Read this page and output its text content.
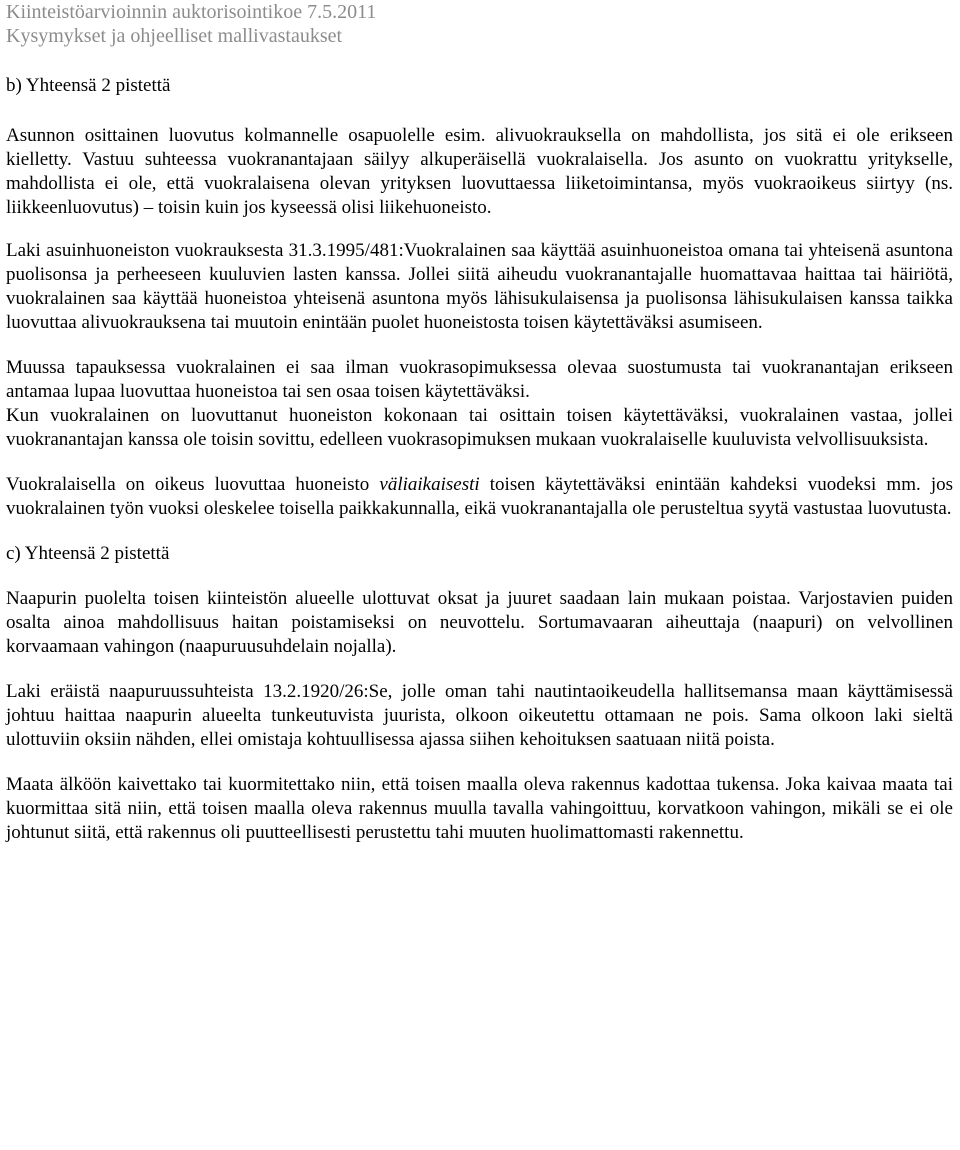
Kiinteistöarvioinnin auktorisointikoe 7.5.2011
Kysymykset ja ohjeelliset mallivastaukset
b) Yhteensä 2 pistettä

Asunnon osittainen luovutus kolmannelle osapuolelle esim. alivuokrauksella on mahdollista, jos sitä ei ole erikseen kielletty. Vastuu suhteessa vuokranantajaan säilyy alkuperäisellä vuokralaisella. Jos asunto on vuokrattu yritykselle, mahdollista ei ole, että vuokralaisena olevan yrityksen luovuttaessa liiketoimintansa, myös vuokraoikeus siirtyy (ns. liikkeenluovutus) – toisin kuin jos kyseessä olisi liikehuoneisto.

Laki asuinhuoneiston vuokrauksesta 31.3.1995/481:Vuokralainen saa käyttää asuinhuoneistoa omana tai yhteisenä asuntona puolisonsa ja perheeseen kuuluvien lasten kanssa. Jollei siitä aiheudu vuokranantajalle huomattavaa haittaa tai häiriötä, vuokralainen saa käyttää huoneistoa yhteisenä asuntona myös lähisukulaisensa ja puolisonsa lähisukulaisen kanssa taikka luovuttaa alivuokrauksena tai muutoin enintään puolet huoneistosta toisen käytettäväksi asumiseen.

Muussa tapauksessa vuokralainen ei saa ilman vuokrasopimuksessa olevaa suostumusta tai vuokranantajan erikseen antamaa lupaa luovuttaa huoneistoa tai sen osaa toisen käytettäväksi.

Kun vuokralainen on luovuttanut huoneiston kokonaan tai osittain toisen käytettäväksi, vuokralainen vastaa, jollei vuokranantajan kanssa ole toisin sovittu, edelleen vuokrasopimuksen mukaan vuokralaiselle kuuluvista velvollisuuksista.

Vuokralaisella on oikeus luovuttaa huoneisto väliaikaisesti toisen käytettäväksi enintään kahdeksi vuodeksi mm. jos vuokralainen työn vuoksi oleskelee toisella paikkakunnalla, eikä vuokranantajalla ole perusteltua syytä vastustaa luovutusta.

c) Yhteensä 2 pistettä

Naapurin puolelta toisen kiinteistön alueelle ulottuvat oksat ja juuret saadaan lain mukaan poistaa. Varjostavien puiden osalta ainoa mahdollisuus haitan poistamiseksi on neuvottelu. Sortumavaaran aiheuttaja (naapuri) on velvollinen korvaamaan vahingon (naapuruusuhdelain nojalla).

Laki eräistä naapuruussuhteista 13.2.1920/26:Se, jolle oman tahi nautintaoikeudella hallitsemansa maan käyttämisessä johtuu haittaa naapurin alueelta tunkeutuvista juurista, olkoon oikeutettu ottamaan ne pois. Sama olkoon laki sieltä ulottuviin oksiin nähden, ellei omistaja kohtuullisessa ajassa siihen kehoituksen saatuaan niitä poista.

Maata älköön kaivettako tai kuormitettako niin, että toisen maalla oleva rakennus kadottaa tukensa. Joka kaivaa maata tai kuormittaa sitä niin, että toisen maalla oleva rakennus muulla tavalla vahingoittuu, korvatkoon vahingon, mikäli se ei ole johtunut siitä, että rakennus oli puutteellisesti perustettu tahi muuten huolimattomasti rakennettu.
